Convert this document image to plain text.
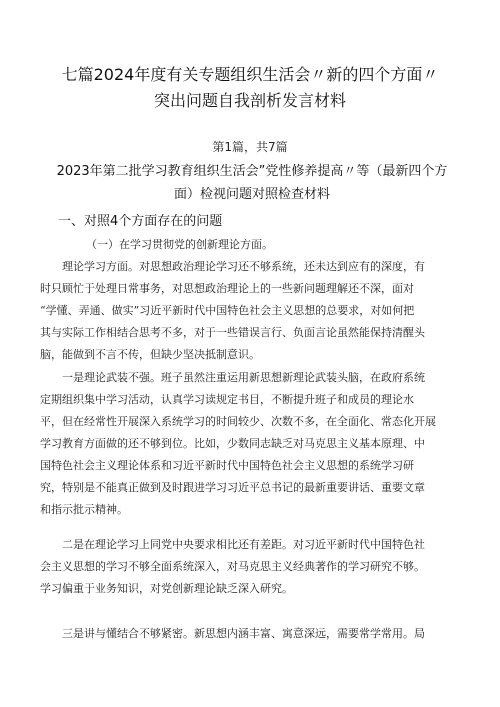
七篇2024年度有关专题组织生活会〃新的四个方面〃
突出问题自我剖析发言材料
第1篇，共7篇
2023年第二批学习教育组织生活会”党性修养提高〃等（最新四个方
面）检视问题对照检查材料
一、对照4个方面存在的问题
（一）在学习贯彻党的创新理论方面。
理论学习方面。对思想政治理论学习还不够系统，还未达到应有的深度，有
时只顾忙于处理日常事务，对思想政治理论上的一些新问题理解还不深，面对
“学懂、弄通、做实”习近平新时代中国特色社会主义思想的总要求，对如何把
其与实际工作相结合思考不多，对于一些错误言行、负面言论虽然能保持清醒头
脑，能做到不言不传，但缺少坚决抵制意识。
一是理论武装不强。班子虽然注重运用新思想新理论武装头脑，在政府系统
定期组织集中学习活动，认真学习读规定书目，不断提升班子和成员的理论水
平，但在经常性开展深入系统学习的时间较少、次数不多，在全面化、常态化开展
学习教育方面做的还不够到位。比如，少数同志缺乏对马克思主义基本原理、中
国特色社会主义理论体系和习近平新时代中国特色社会主义思想的系统学习研
究，特别是不能真正做到及时跟进学习习近平总书记的最新重要讲话、重要文章
和指示批示精神。
二是在理论学习上同党中央要求相比还有差距。对习近平新时代中国特色社
会主义思想的学习不够全面系统深入，对马克思主义经典著作的学习研究不够。
学习偏重于业务知识，对党创新理论缺乏深入研究。
三是讲与懂结合不够紧密。新思想内涵丰富、寓意深远，需要常学常用。局
